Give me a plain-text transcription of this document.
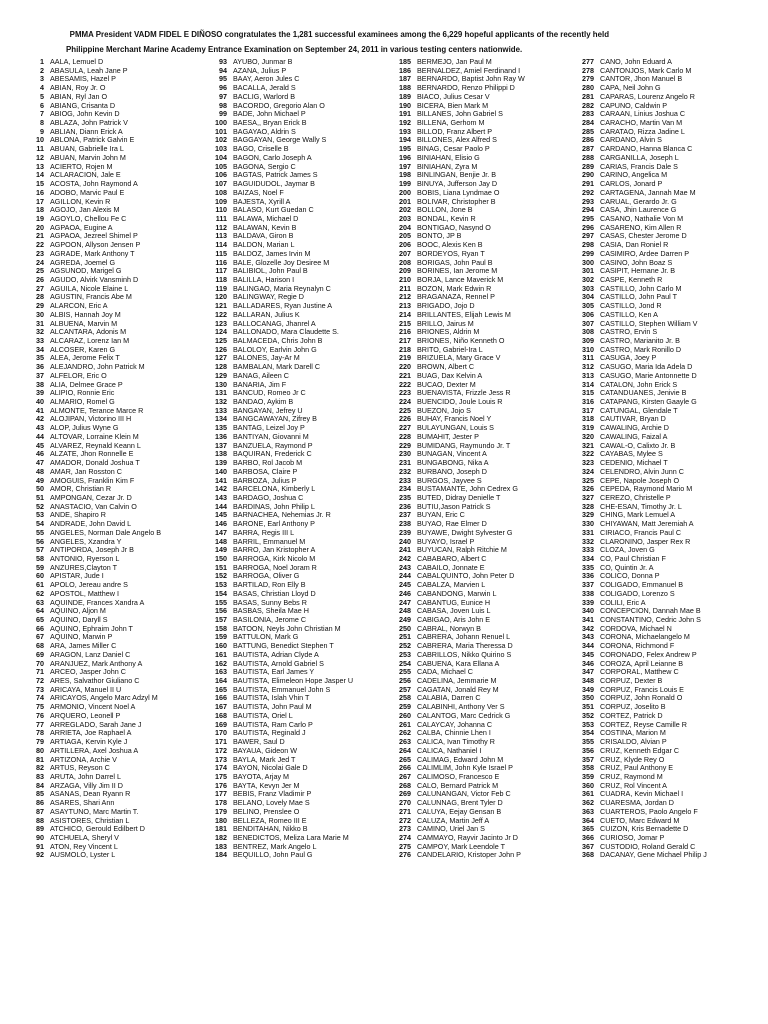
PMMA President VADM FIDEL E DIÑOSO congratulates the 1,281 successful examinees among the 6,229 hopeful applicants of the recently held

Philippine Merchant Marine Academy Entrance Examination on September 24, 2011 in various testing centers nationwide.

1 AALA, Lemuel D
2 ABASULA, Leah Jane P
3 ABESAMIS, Hazel P
4 ABIAN, Roy Jr. O
5 ABIAN, Ryl Jan O
6 ABIANG, Crisanta D
7 ABIOG, John Kevin D
8 ABLAZA, John Patrick V
9 ABLIAN, Diann Erick A
10 ABLONA, Patrick Galvin E
11 ABUAN, Gabrielle Ira L
12 ABUAN, Marvin John M
13 ACIERTO, Rojen M
14 ACLARACION, Jale E
15 ACOSTA, John Raymond A
16 ADOBO, Marvic Paul E
17 AGILLON, Kevin R
18 AGOJO, Jan Alexis M
19 AGOYLO, Chellou Fe C
20 AGPAOA, Eugine A
21 AGPAOA, Jezreel Shimel P
22 AGPOON, Allyson Jensen P
23 AGRADE, Mark Anthony T
24 AGREDA, Joemel G
25 AGSUNOD, Marigel G
26 AGUDO, Alvirk Vansminh D
27 AGUILA, Nicole Elaine L
28 AGUSTIN, Francis Abe M
29 ALARCON, Eric A
30 ALBIS, Hannah Joy M
31 ALBUENA, Marvin M
32 ALCANTARA, Adonis M
33 ALCARAZ, Lorenz Ian M
34 ALCOSER, Karen G
35 ALEA, Jerome Felix T
36 ALEJANDRO, John Patrick M
37 ALFELOR, Eric O
38 ALIA, Delmee Grace P
39 ALIPIO, Ronnie Eric
40 ALMARIO, Romel G
41 ALMONTE, Terance Marce R
42 ALOJIPAN, Victorino III H
43 ALOP, Julius Wyne G
44 ALTOVAR, Lorraine Klein M
45 ALVAREZ, Reynald Keann L
46 ALZATE, Jhon Ronnelle E
47 AMADOR, Donald Joshua T
48 AMAR, Jan Rosston C
49 AMOGUIS, Franklin Kim F
50 AMOR, Christian R
51 AMPONGAN, Cezar Jr. D
52 ANASTACIO, Van Calvin O
53 ANDE, Shapiro R
54 ANDRADE, John David L
55 ANGELES, Norman Dale Angelo B
56 ANGELES, Xzandra Y
57 ANTIPORDA, Joseph Jr B
58 ANTONIO, Ryerson L
59 ANZURES,Clayton T
60 APISTAR, Jude I
61 APOLO, Jereau andre S
62 APOSTOL, Matthew I
63 AQUINDE, Frances Xandra A
64 AQUINO, Aljon M
65 AQUINO, Daryll S
66 AQUINO, Ephraim John T
67 AQUINO, Marwin P
68 ARA, James Miller C
69 ARAGON, Lanz Daniel C
70 ARANJUEZ, Mark Anthony A
71 ARCEO, Jasper John C
72 ARES, Salvathor Giuliano C
73 ARICAYA, Manuel II U
74 ARICAYOS, Angelo Marc Adzyl M
75 ARMONIO, Vincent Noel A
76 ARQUERO, Leonell P
77 ARREGLADO, Sarah Jane J
78 ARRIETA, Joe Raphael A
79 ARTIAGA, Kervin Kyle J
80 ARTILLERA, Axel Joshua A
81 ARTIZONA, Archie V
82 ARTUS, Reyson C
83 ARUTA, John Darrel L
84 ARZAGA, Villy Jim II D
85 ASANAS, Dean Ryann R
86 ASARES, Shari Ann
87 ASAYTUNO, Marc Martin T.
88 ASISTORES, Christian L
89 ATCHICO, Gerould Edilbert D
90 ATCHUELA, Sheryl V
91 ATON, Rey Vincent L
92 AUSMOLO, Lyster L
93 AYUBO, Junmar B
94 AZANA, Julius P
95 BAAY, Aeron Jules C
96 BACALLA, Jerald S
97 BACLIG, Warlord B
98 BACORDO, Gregorio Alan O
99 BADE, John Michael P
100 BAESA,, Bryan Erick B
101 BAGAYAO, Aldrin S
102 BAGGAYAN, George Wally S
103 BAGO, Criselle B
104 BAGON, Carlo Joseph A
105 BAGONA, Sergio C
106 BAGTAS, Patrick James S
107 BAGUIDUDOL, Jaymar B
108 BAIZAS, Noel F
109 BAJESTA, Xyrill A
110 BALASO, Kurt Guedan C
111 BALAWA, Michael D
112 BALAWAN, Kevin B
113 BALDAVA, Giron B
114 BALDON, Marian L
115 BALDOZ, James Irvin M
116 BALE, Glozelle Joy Desiree M
117 BALIBIOL, John Paul B
118 BALILLA, Harison I
119 BALINGAO, Maria Reynalyn C
120 BALINGWAY, Regie D
121 BALLADARES, Ryan Justine A
122 BALLARAN, Julius K
123 BALLOCANAG, Jhanrel A
124 BALLONADO, Mara Claudette S.
125 BALMACEDA, Chris John B
126 BALOLOY, Earlvin John G
127 BALONES, Jay-Ar M
128 BAMBALAN, Mark Darell C
129 BANAG, Aileen C
130 BANARIA, Jim F
131 BANCUD, Romeo Jr C
132 BANDAO, Aykim B
133 BANGAYAN, Jefrey U
134 BANGCAWAYAN, Zifrey B
135 BANTAG, Leizel Joy P
136 BANTIYAN, Giovanni M
137 BANZUELA, Raymond P
138 BAQUIRAN, Frederick C
139 BARBO, Rol Jacob M
140 BARBOSA, Claire P
141 BARBOZA, Julius P
142 BARCELONA, Kimberly L
143 BARDAGO, Joshua C
144 BARDINAS, John Philip L
145 BARNACHEA, Nehemias Jr. R
146 BARONE, Earl Anthony P
147 BARRA, Regis III L
148 BARRIL, Emmanuel M
149 BARRO, Jan Kristopher A
150 BARROGA, Kirk Nicolo M
151 BARROGA, Noel Joram R
152 BARROGA, Oliver G
153 BARTILAD, Ron Elly B
154 BASAS, Christian Lloyd D
155 BASAS, Sunny Bebs R
156 BASBAS, Sheila Mae H
157 BASILONIA, Jerome C
158 BATOON, Neyls John Christian M
159 BATTULON, Mark G
160 BATTUNG, Benedict Stephen T
161 BAUTISTA, Adrian Clyde A
162 BAUTISTA, Arnold Gabriel S
163 BAUTISTA, Earl James Y
164 BAUTISTA, Elimeleon Hope Jasper U
165 BAUTISTA, Emmanuel John S
166 BAUTISTA, Islah Vhin T
167 BAUTISTA, John Paul M
168 BAUTISTA, Oriel L
169 BAUTISTA, Ram Carlo P
170 BAUTISTA, Reginald J
171 BAWER, Saul D
172 BAYAUA, Gideon W
173 BAYLA, Mark Jed T
174 BAYON, Nicolai Gale D
175 BAYOTA, Arjay M
176 BAYTA, Kevyn Jer M
177 BEBIS, Franz Vladimir P
178 BELANO, Lovely Mae S
179 BELINO, Prenslee O
180 BELLEZA, Romeo III E
181 BENDITAHAN, Nikko B
182 BENEDICTOS, Meliza Lara Marie M
183 BENTREZ, Mark Angelo L
184 BEQUILLO, John Paul G
185 BERMEJO, Jan Paul M
186 BERNALDEZ, Amiel Ferdinand I
187 BERNARDO, Baptist John Ray W
188 BERNARDO, Renzo Philippi D
189 BIACO, Julius Cesar V
190 BICERA, Bien Mark M
191 BILLANES, John Gabriel S
192 BILLENA, Gerhom M
193 BILLOD, Franz Albert P
194 BILLONES, Alex Alfred S
195 BINAG, Cesar Paolo P
196 BINIAHAN, Elisio G
197 BINIAHAN, Zyra M
198 BINLINGAN, Benjie Jr. B
199 BINUYA, Jufferson Jay D
200 BOBIS, Liana Lyndmae O
201 BOLIVAR, Christopher B
202 BOLLON, Jone B
203 BONDAL, Kevin R
204 BONTIGAO, Nasynd O
205 BONTO, JP B
206 BOOC, Alexis Ken B
207 BORDEYOS, Ryan T
208 BORIGAS, John Paul B
209 BORINES, Ian Jerome M
210 BORJA, Lance Maverick M
211 BOZON, Mark Edwin R
212 BRAGANAZA, Rennel P
213 BRIGADO, Jojo D
214 BRILLANTES, Elijah Lewis M
215 BRILLO, Jairus M
216 BRIONES, Aldrin M
217 BRIONES, Niño Kenneth O
218 BRITO, Gabriel-Ira L
219 BRIZUELA, Mary Grace V
220 BROWN, Albert C
221 BUAG, Dax Kelvin A
222 BUCAO, Dexter M
223 BUENAVISTA, Frizzle Jess R
224 BUENCIDO, Joule Louis R
225 BUEZON, Jojo S
226 BUHAY, Francis Noel Y
227 BULAYUNGAN, Louis S
228 BUMAHIT, Jester P
229 BUMIDANG, Raymundo Jr. T
230 BUNAGAN, Vincent A
231 BUNGABONG, Nika A
232 BURBANO, Joseph D
233 BURGOS, Jayvee S
234 BUSTAMANTE, John Cedrex G
235 BUTED, Didray Denielle T
236 BUTIU,Jason Patrick S
237 BUYAN, Eric C
238 BUYAO, Rae Elmer D
239 BUYAWE, Dwight Sylvester G
240 BUYAYO, Israel P
241 BUYUCAN, Ralph Ritchie M
242 CABABARO, Albert C
243 CABAILO, Jonnate E
244 CABALQUINTO, John Peter D
245 CABALZA, Marvien L
246 CABANDONG, Marwin L
247 CABANTUG, Eunice H
248 CABASA, Joven Luis L
249 CABIGAO, Aris John E
250 CABRAL, Norwyn B
251 CABRERA, Johann Renuel L
252 CABRERA, Maria Theressa D
253 CABRILLOS, Nikko Quirino S
254 CABUENA, Kara Ellana A
255 CADA, Michael C
256 CADELINA, Jemmarie M
257 CAGATAN, Jonald Rey M
258 CALABIA, Darren C
259 CALABINHI, Anthony Ver S
260 CALANTOG, Marc Cedrick G
261 CALAYCAY, Johanna C
262 CALBA, Chinnie Lhen I
263 CALICA, Ivan Timothy R
264 CALICA, Nathaniel I
265 CALIMAG, Edward John M
266 CALIMLIM, John Kyle Israel P
267 CALIMOSO, Francesco E
268 CALO, Bernard Patrick M
269 CALUNANGAN, Victor Feb C
270 CALUNNAG, Brent Tyler D
271 CALUYA, Eejay Gensan B
272 CALUZA, Martin Jeff A
273 CAMINO, Uriel Jan S
274 CAMMAYO, Rayvir Jacinto Jr D
275 CAMPOY, Mark Leendole T
276 CANDELARIO, Kristoper John P
277 CANO, John Eduard A
278 CANTONJOS, Mark Carlo M
279 CANTOR, Jhon Manuel B
280 CAPA, Neil John G
281 CAPARAS, Lourenz Angelo R
282 CAPUNO, Caldwin P
283 CARAAN, Linius Joshua C
284 CARACHO, Martin Van M
285 CARATAO, Rizza Jadine L
286 CARDANO, Alvin S
287 CARDANO, Hanna Blanca C
288 CARGANILLA, Joseph L
289 CARIAS, Francis Dale S
290 CARINO, Angelica M
291 CARLOS, Jonard P
292 CARTAGENA, Jannah Mae M
293 CARUAL, Gerardo Jr. G
294 CASA, Jhin Laurence G
295 CASANO, Nathalie Von M
296 CASARENO, Kim Allen R
297 CASAS, Chester Jerome D
298 CASIA, Dan Roniel R
299 CASIMIRO, Ardee Darren P
300 CASINO, John Boaz S
301 CASIPIT, Hernane Jr. B
302 CASPE, Kenneth R
303 CASTILLO, John Carlo M
304 CASTILLO, John Paul T
305 CASTILLO, Jond R
306 CASTILLO, Ken A
307 CASTILLO, Stephen William V
308 CASTRO, Ervin S
309 CASTRO, Marianito Jr. B
310 CASTRO, Mark Ronillo D
311 CASUGA, Joey P
312 CASUGO, Maria Ida Adela D
313 CASUGO, Marie Antonnette D
314 CATALON, John Erick S
315 CATANDUANES, Jenivie B
316 CATAPANG, Kirsten Gaayle G
317 CATUNGAL, Glendale T
318 CAUTIVAR, Bryan D
319 CAWALING, Archie D
320 CAWALING, Faizal A
321 CAWAL-O, Calixto Jr. B
322 CAYABAS, Mylee S
323 CEDENIO, Michael T
324 CELENDRO, Alvin Junn C
325 CEPE, Napole Joseph O
326 CEPEDA, Raymond Mario M
327 CEREZO, Christelle P
328 CHE-ESAN, Timothy Jr. L
329 CHING, Mark Lemuel A
330 CHIYAWAN, Matt Jeremiah A
331 CIRIACO, Francis Paul C
332 CLARONINO, Jasper Rex R
333 CLOZA, Joven G
334 CO, Paul Christian F
335 CO, Quintin Jr. A
336 COLICO, Donna P
337 COLIGADO, Emmanuel B
338 COLIGADO, Lorenzo S
339 COLILI, Eric A
340 CONCEPCION, Dannah Mae B
341 CONSTANTINO, Cedric John S
342 CORDOVA, Michael N
343 CORONA, Michaelangelo M
344 CORONA, Richmond F
345 CORONADO, Felex Andrew P
346 COROZA, April Leianne B
347 CORPORAL, Matthew C
348 CORPUZ, Dexter B
349 CORPUZ, Francis Louis E
350 CORPUZ, John Ronald O
351 CORPUZ, Joselito B
352 CORTEZ, Patrick D
353 CORTEZ, Reyse Camille R
354 COSTINA, Marion M
355 CRISALDO, Alvian P
356 CRUZ, Kenneth Edgar C
357 CRUZ, Klyde Rey O
358 CRUZ, Paul Anthony E
359 CRUZ, Raymond M
360 CRUZ, Rol Vincent A
361 CUADRA, Kevin Michael I
362 CUARESMA, Jordan D
363 CUARTEROS, Paolo Angelo F
364 CUETO, Marc Edward M
365 CUIZON, Kris Bernadette D
366 CURIOSO, Jomar P
367 CUSTODIO, Roland Gerald C
368 DACANAY, Gene Michael Philip J
